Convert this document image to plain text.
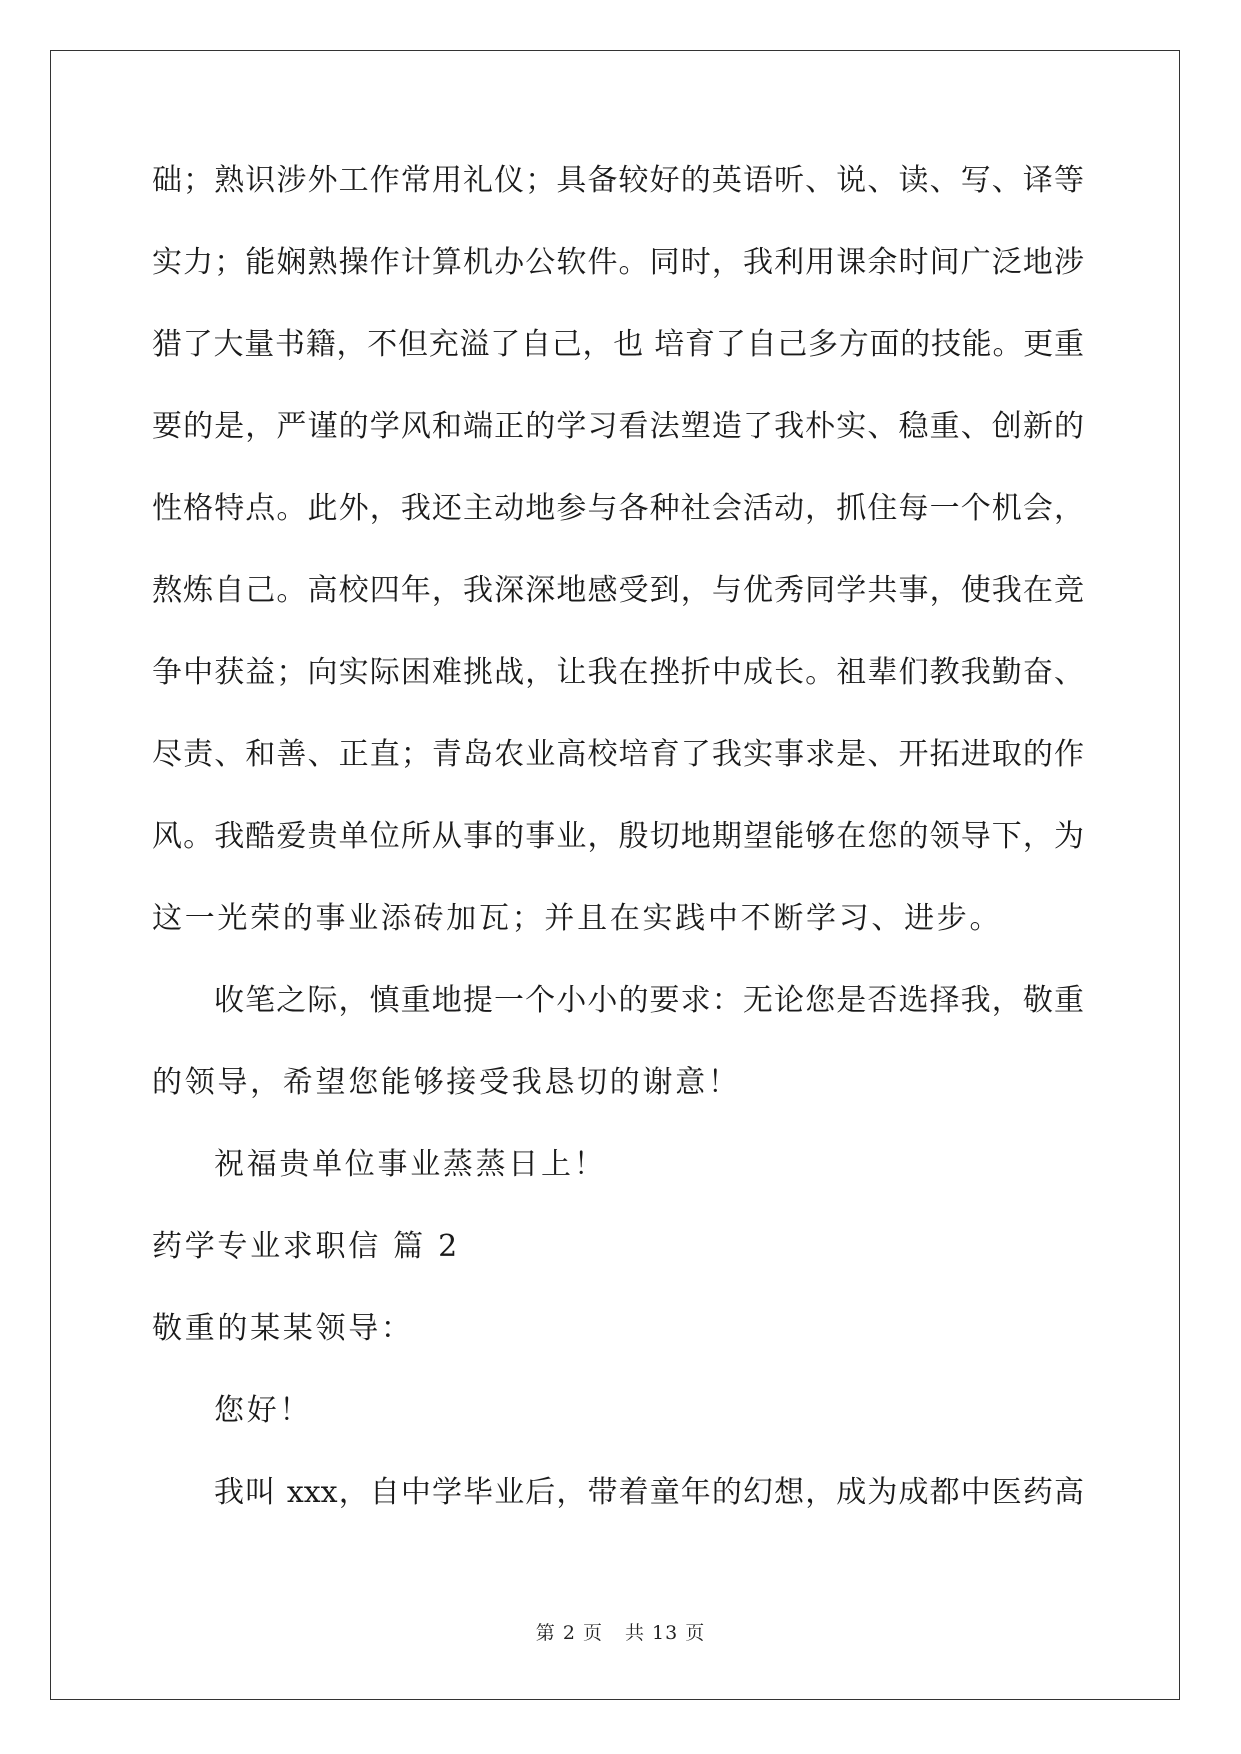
础；熟识涉外工作常用礼仪；具备较好的英语听、说、读、写、译等
实力；能娴熟操作计算机办公软件。同时，我利用课余时间广泛地涉
猎了大量书籍，不但充溢了自己，也 培育了自己多方面的技能。更重
要的是，严谨的学风和端正的学习看法塑造了我朴实、稳重、创新的
性格特点。此外，我还主动地参与各种社会活动，抓住每一个机会，
熬炼自己。高校四年，我深深地感受到，与优秀同学共事，使我在竞
争中获益；向实际困难挑战，让我在挫折中成长。祖辈们教我勤奋、
尽责、和善、正直；青岛农业高校培育了我实事求是、开拓进取的作
风。我酷爱贵单位所从事的事业，殷切地期望能够在您的领导下，为
这一光荣的事业添砖加瓦；并且在实践中不断学习、进步。
收笔之际，慎重地提一个小小的要求：无论您是否选择我，敬重
的领导，希望您能够接受我恳切的谢意！
祝福贵单位事业蒸蒸日上！
药学专业求职信 篇 2
敬重的某某领导：
您好！
我叫 xxx，自中学毕业后，带着童年的幻想，成为成都中医药高
第 2 页 共 13 页
